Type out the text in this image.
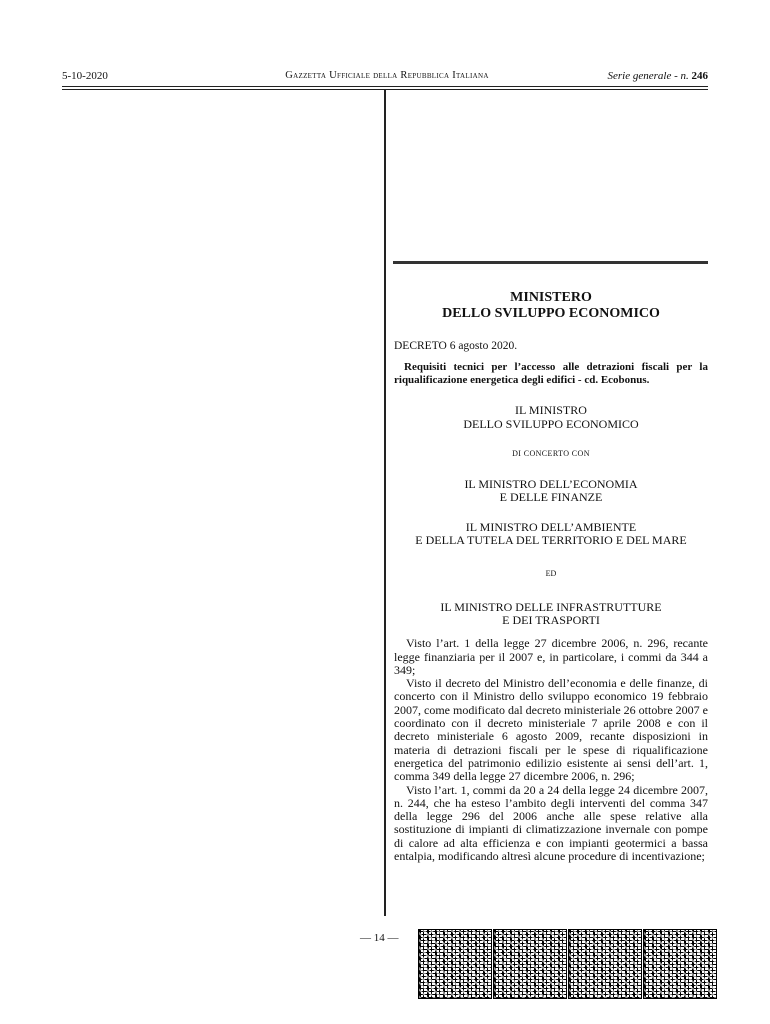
5-10-2020	Gazzetta Ufficiale della Repubblica Italiana	Serie generale - n. 246
MINISTERO
DELLO SVILUPPO ECONOMICO
DECRETO 6 agosto 2020.
Requisiti tecnici per l’accesso alle detrazioni fiscali per la riqualificazione energetica degli edifici - cd. Ecobonus.
IL MINISTRO
DELLO SVILUPPO ECONOMICO
DI CONCERTO CON
IL MINISTRO DELL’ECONOMIA
E DELLE FINANZE
IL MINISTRO DELL’AMBIENTE
E DELLA TUTELA DEL TERRITORIO E DEL MARE
ED
IL MINISTRO DELLE INFRASTRUTTURE
E DEI TRASPORTI

Visto l’art. 1 della legge 27 dicembre 2006, n. 296, recante legge finanziaria per il 2007 e, in particolare, i commi da 344 a 349;

Visto il decreto del Ministro dell’economia e delle finanze, di concerto con il Ministro dello sviluppo economico 19 febbraio 2007, come modificato dal decreto ministeriale 26 ottobre 2007 e coordinato con il decreto ministeriale 7 aprile 2008 e con il decreto ministeriale 6 agosto 2009, recante disposizioni in materia di detrazioni fiscali per le spese di riqualificazione energetica del patrimonio edilizio esistente ai sensi dell’art. 1, comma 349 della legge 27 dicembre 2006, n. 296;

Visto l’art. 1, commi da 20 a 24 della legge 24 dicembre 2007, n. 244, che ha esteso l’ambito degli interventi del comma 347 della legge 296 del 2006 anche alle spese relative alla sostituzione di impianti di climatizzazione invernale con pompe di calore ad alta efficienza e con impianti geotermici a bassa entalpia, modificando altresì alcune procedure di incentivazione;

— 14 —
